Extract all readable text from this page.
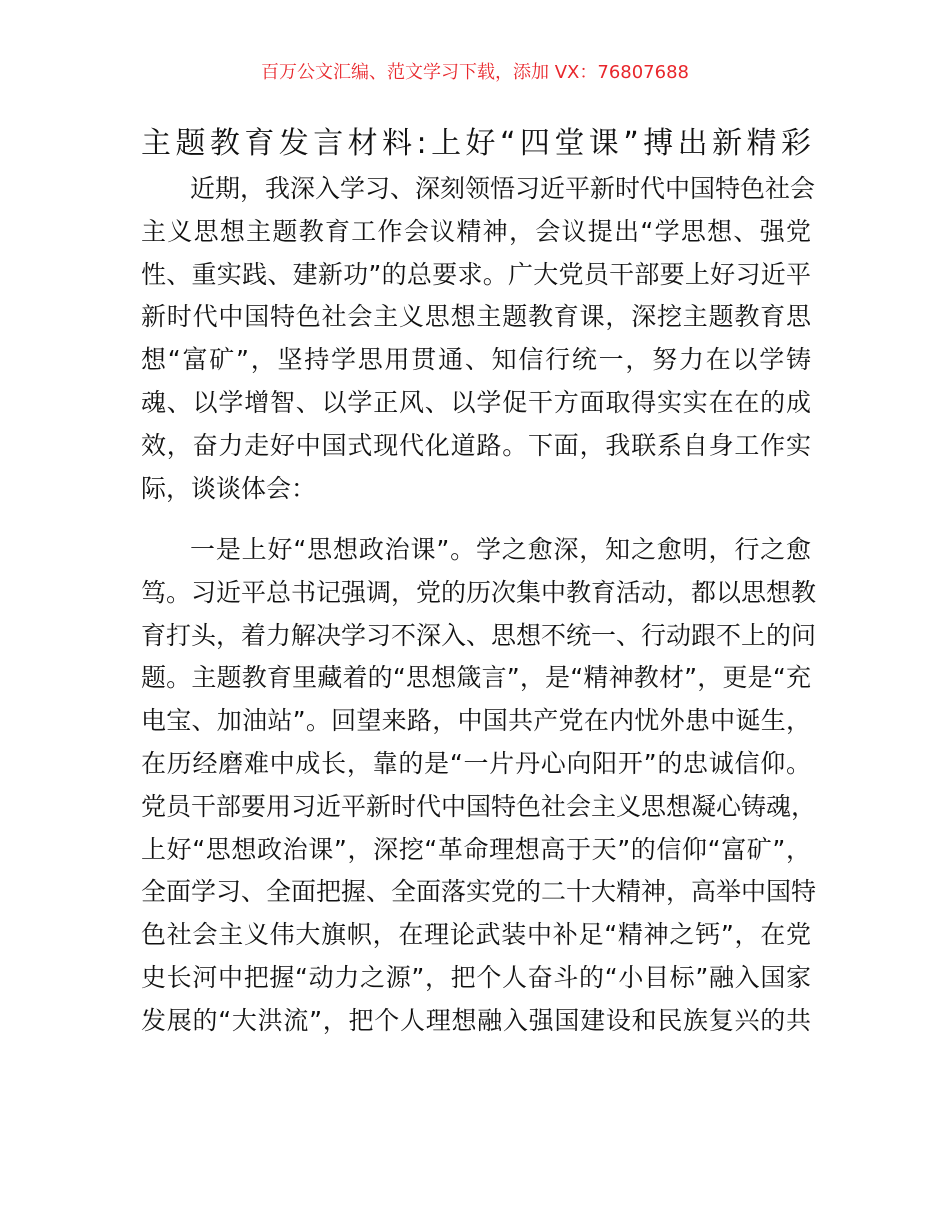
百万公文汇编、范文学习下载，添加 VX：76807688
主题教育发言材料:上好“四堂课”搏出新精彩
近期，我深入学习、深刻领悟习近平新时代中国特色社会
主义思想主题教育工作会议精神，会议提出“学思想、强党
性、重实践、建新功”的总要求。广大党员干部要上好习近平
新时代中国特色社会主义思想主题教育课，深挖主题教育思
想“富矿”，坚持学思用贯通、知信行统一，努力在以学铸
魂、以学增智、以学正风、以学促干方面取得实实在在的成
效，奋力走好中国式现代化道路。下面，我联系自身工作实
际，谈谈体会：
一是上好“思想政治课”。学之愈深，知之愈明，行之愈
笃。习近平总书记强调，党的历次集中教育活动，都以思想教
育打头，着力解决学习不深入、思想不统一、行动跟不上的问
题。主题教育里藏着的“思想箴言”，是“精神教材”，更是“充
电宝、加油站”。回望来路，中国共产党在内忧外患中诞生，
在历经磨难中成长，靠的是“一片丹心向阳开”的忠诚信仰。
党员干部要用习近平新时代中国特色社会主义思想凝心铸魂，
上好“思想政治课”，深挖“革命理想高于天”的信仰“富矿”，
全面学习、全面把握、全面落实党的二十大精神，高举中国特
色社会主义伟大旗帜，在理论武装中补足“精神之钙”，在党
史长河中把握“动力之源”，把个人奋斗的“小目标”融入国家
发展的“大洪流”，把个人理想融入强国建设和民族复兴的共
